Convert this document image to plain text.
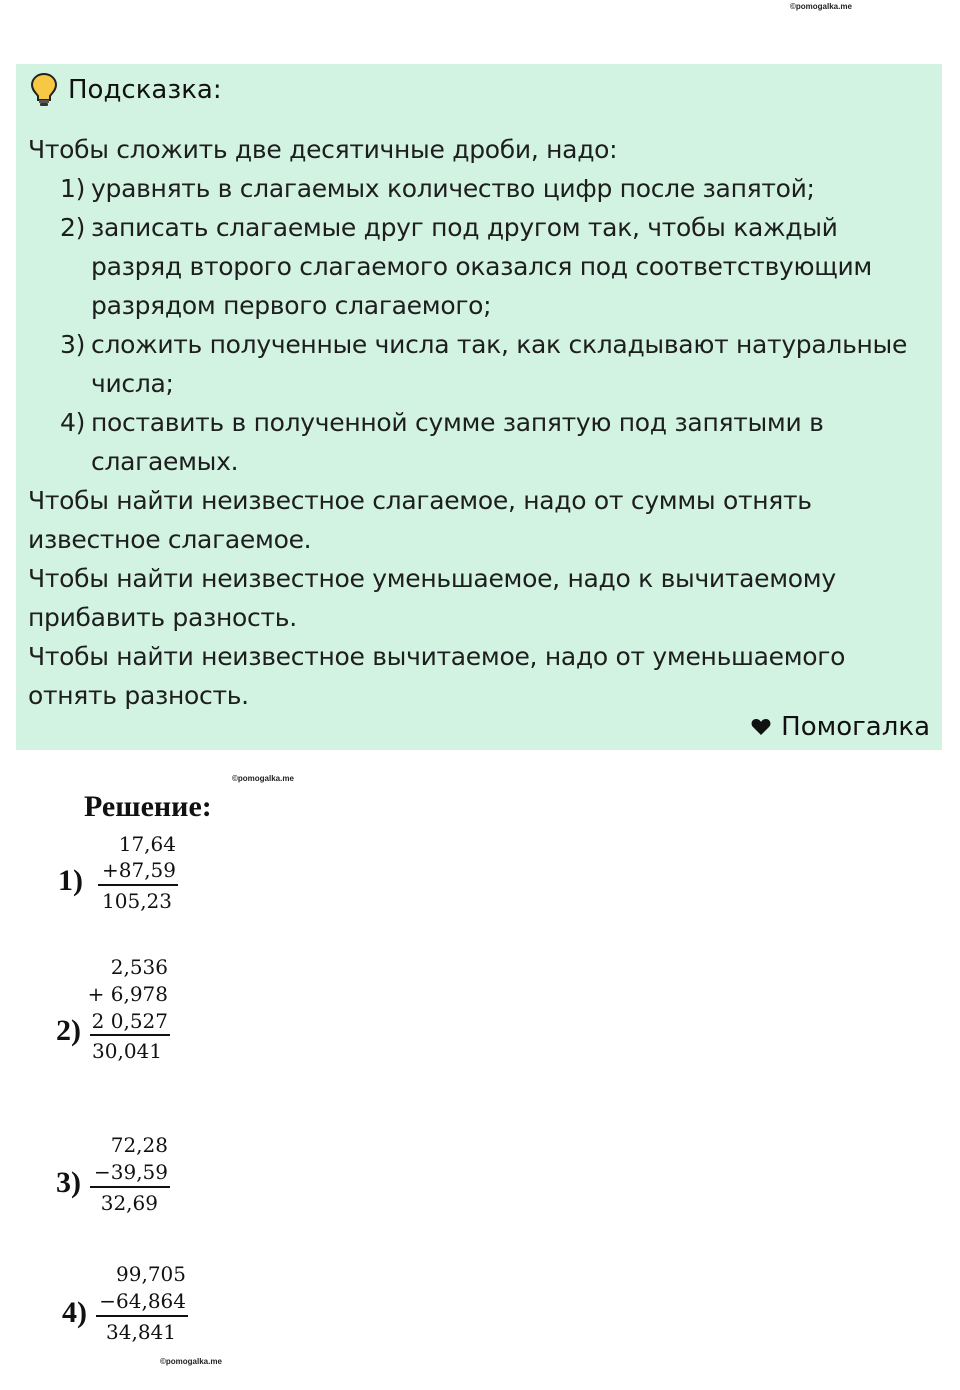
©pomogalka.me
Подсказка:
Чтобы сложить две десятичные дроби, надо:
1) уравнять в слагаемых количество цифр после запятой;
2) записать слагаемые друг под другом так, чтобы каждый
разряд второго слагаемого оказался под соответствующим
разрядом первого слагаемого;
3) сложить полученные числа так, как складывают натуральные
числа;
4) поставить в полученной сумме запятую под запятыми в
слагаемых.
Чтобы найти неизвестное слагаемое, надо от суммы отнять
известное слагаемое.
Чтобы найти неизвестное уменьшаемое, надо к вычитаемому
прибавить разность.
Чтобы найти неизвестное вычитаемое, надо от уменьшаемого
отнять разность.
Помогалка
©pomogalka.me
Решение:
1)
17,64
+87,59
105,23
2)
2,536
+ 6,978
2 0,527
30,041
3)
72,28
−39,59
32,69
4)
99,705
−64,864
34,841
©pomogalka.me
